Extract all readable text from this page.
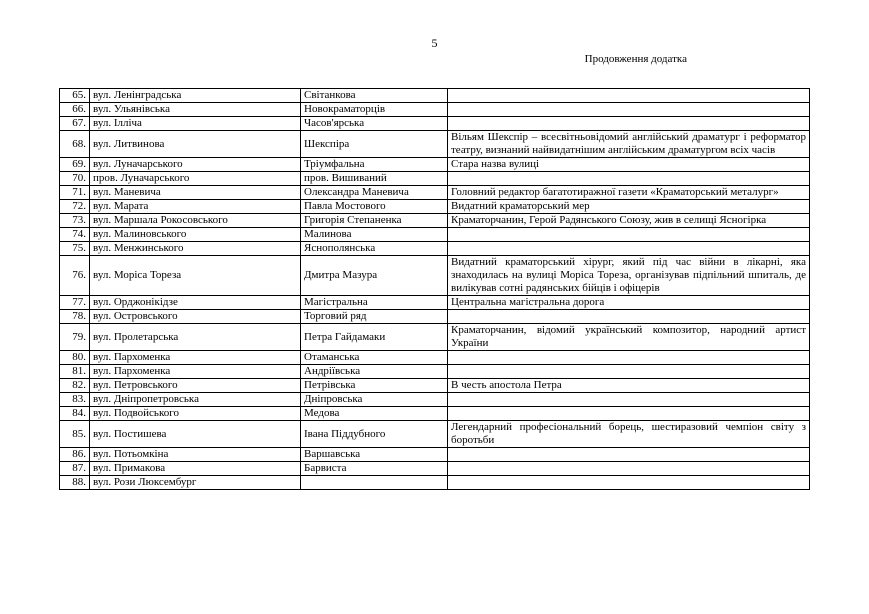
5
Продовження додатка
65.	вул. Ленінградська	Світанкова	
66.	вул. Ульянівська	Новокраматорців	
67.	вул. Ілліча	Часов'ярська	
68.	вул. Литвинова	Шекспіра	Вільям Шекспір – всесвітньовідомий англійський драматург і реформатор театру, визнаний найвидатнішим англійським драматургом всіх часів
69.	вул. Луначарського	Тріумфальна	Стара назва вулиці
70.	пров. Луначарського	пров. Вишиваний	
71.	вул. Маневича	Олександра Маневича	Головний редактор багатотиражної газети «Краматорський металург»
72.	вул. Марата	Павла Мостового	Видатний краматорський мер
73.	вул. Маршала Рокосовського	Григорія Степаненка	Краматорчанин, Герой Радянського Союзу, жив в селищі Ясногірка
74.	вул. Малиновського	Малинова	
75.	вул. Менжинського	Яснополянська	
76.	вул. Моріса Тореза	Дмитра Мазура	Видатний краматорський хірург, який під час війни в лікарні, яка знаходилась на вулиці Моріса Тореза, організував підпільний шпиталь, де вилікував сотні радянських бійців і офіцерів
77.	вул. Орджонікідзе	Магістральна	Центральна магістральна дорога
78.	вул. Островського	Торговий ряд	
79.	вул. Пролетарська	Петра Гайдамаки	Краматорчанин, відомий український композитор, народний артист України
80.	вул. Пархоменка	Отаманська	
81.	вул. Пархоменка	Андріївська	
82.	вул. Петровського	Петрівська	В честь апостола Петра
83.	вул. Дніпропетровська	Дніпровська	
84.	вул. Подвойського	Медова	
85.	вул. Постишева	Івана Піддубного	Легендарний професіональний борець, шестиразовий чемпіон світу з боротьби
86.	вул. Потьомкіна	Варшавська	
87.	вул. Примакова	Барвиста	
88.	вул. Рози Люксембург		
